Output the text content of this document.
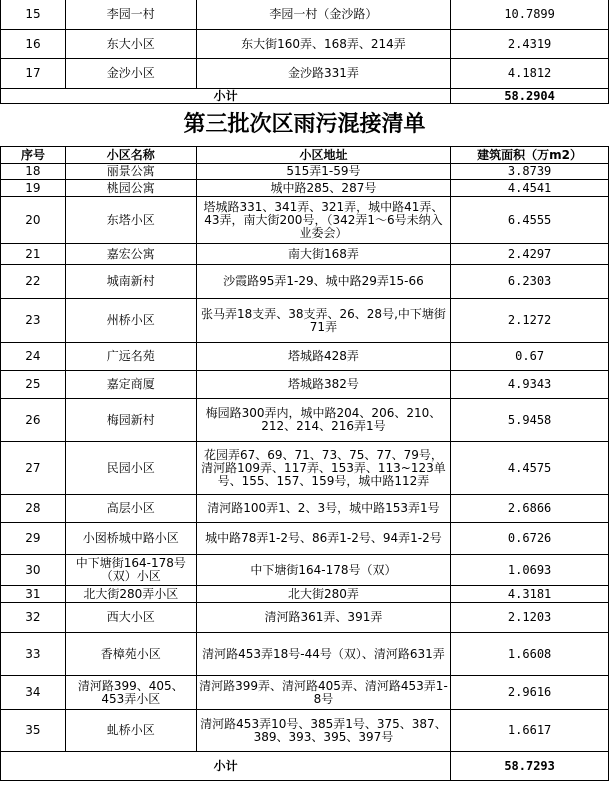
15	李园一村	李园一村（金沙路）	10.7899
16	东大小区	东大街160弄、168弄、214弄	2.4319
17	金沙小区	金沙路331弄	4.1812
小计			58.2904
第三批次区雨污混接清单
序号	小区名称	小区地址	建筑面积（万m2）
18	丽景公寓	515弄1-59号	3.8739
19	桃园公寓	城中路285、287号	4.4541
20	东塔小区	塔城路331、341弄、321弄，城中路41弄、43弄，南大街200号，（342弄1～6号未纳入业委会）	6.4555
21	嘉宏公寓	南大街168弄	2.4297
22	城南新村	沙霞路95弄1-29、城中路29弄15-66	6.2303
23	州桥小区	张马弄18支弄、38支弄、26、28号,中下塘街71弄	2.1272
24	广远名苑	塔城路428弄	0.67
25	嘉定商厦	塔城路382号	4.9343
26	梅园新村	梅园路300弄内，城中路204、206、210、212、214、216弄1号	5.9458
27	民园小区	花园弄67、69、71、73、75、77、79号，清河路109弄、117弄、153弄、113~123单号、155、157、159号，城中路112弄	4.4575
28	高层小区	清河路100弄1、2、3号，城中路153弄1号	2.6866
29	小囡桥城中路小区	城中路78弄1-2号、86弄1-2号、94弄1-2号	0.6726
30	中下塘街164-178号（双）小区	中下塘街164-178号（双）	1.0693
31	北大街280弄小区	北大街280弄	4.3181
32	西大小区	清河路361弄、391弄	2.1203
33	香樟苑小区	清河路453弄18号-44号（双）、清河路631弄	1.6608
34	清河路399、405、453弄小区	清河路399弄、清河路405弄、清河路453弄1-8号	2.9616
35	虬桥小区	清河路453弄10号、385弄1号、375、387、389、393、395、397号	1.6617
小计			58.7293
